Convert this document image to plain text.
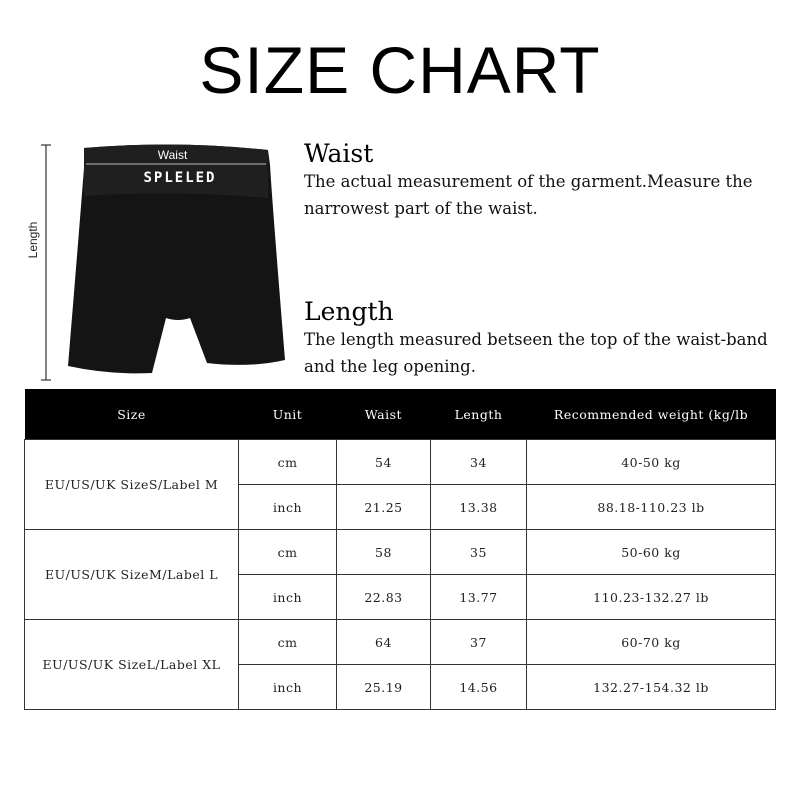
SIZE CHART
Waist
SPLELED
Length
Waist

The actual measurement of the garment.Measure the narrowest part of the waist.

Length

The length measured betseen the top of the waist-band and the leg opening.

Size	Unit	Waist	Length	Recommended weight (kg/lb
EU/US/UK SizeS/Label M	cm	54	34	40-50 kg
	inch	21.25	13.38	88.18-110.23 lb
EU/US/UK SizeM/Label L	cm	58	35	50-60 kg
	inch	22.83	13.77	110.23-132.27 lb
EU/US/UK SizeL/Label XL	cm	64	37	60-70 kg
	inch	25.19	14.56	132.27-154.32 lb
